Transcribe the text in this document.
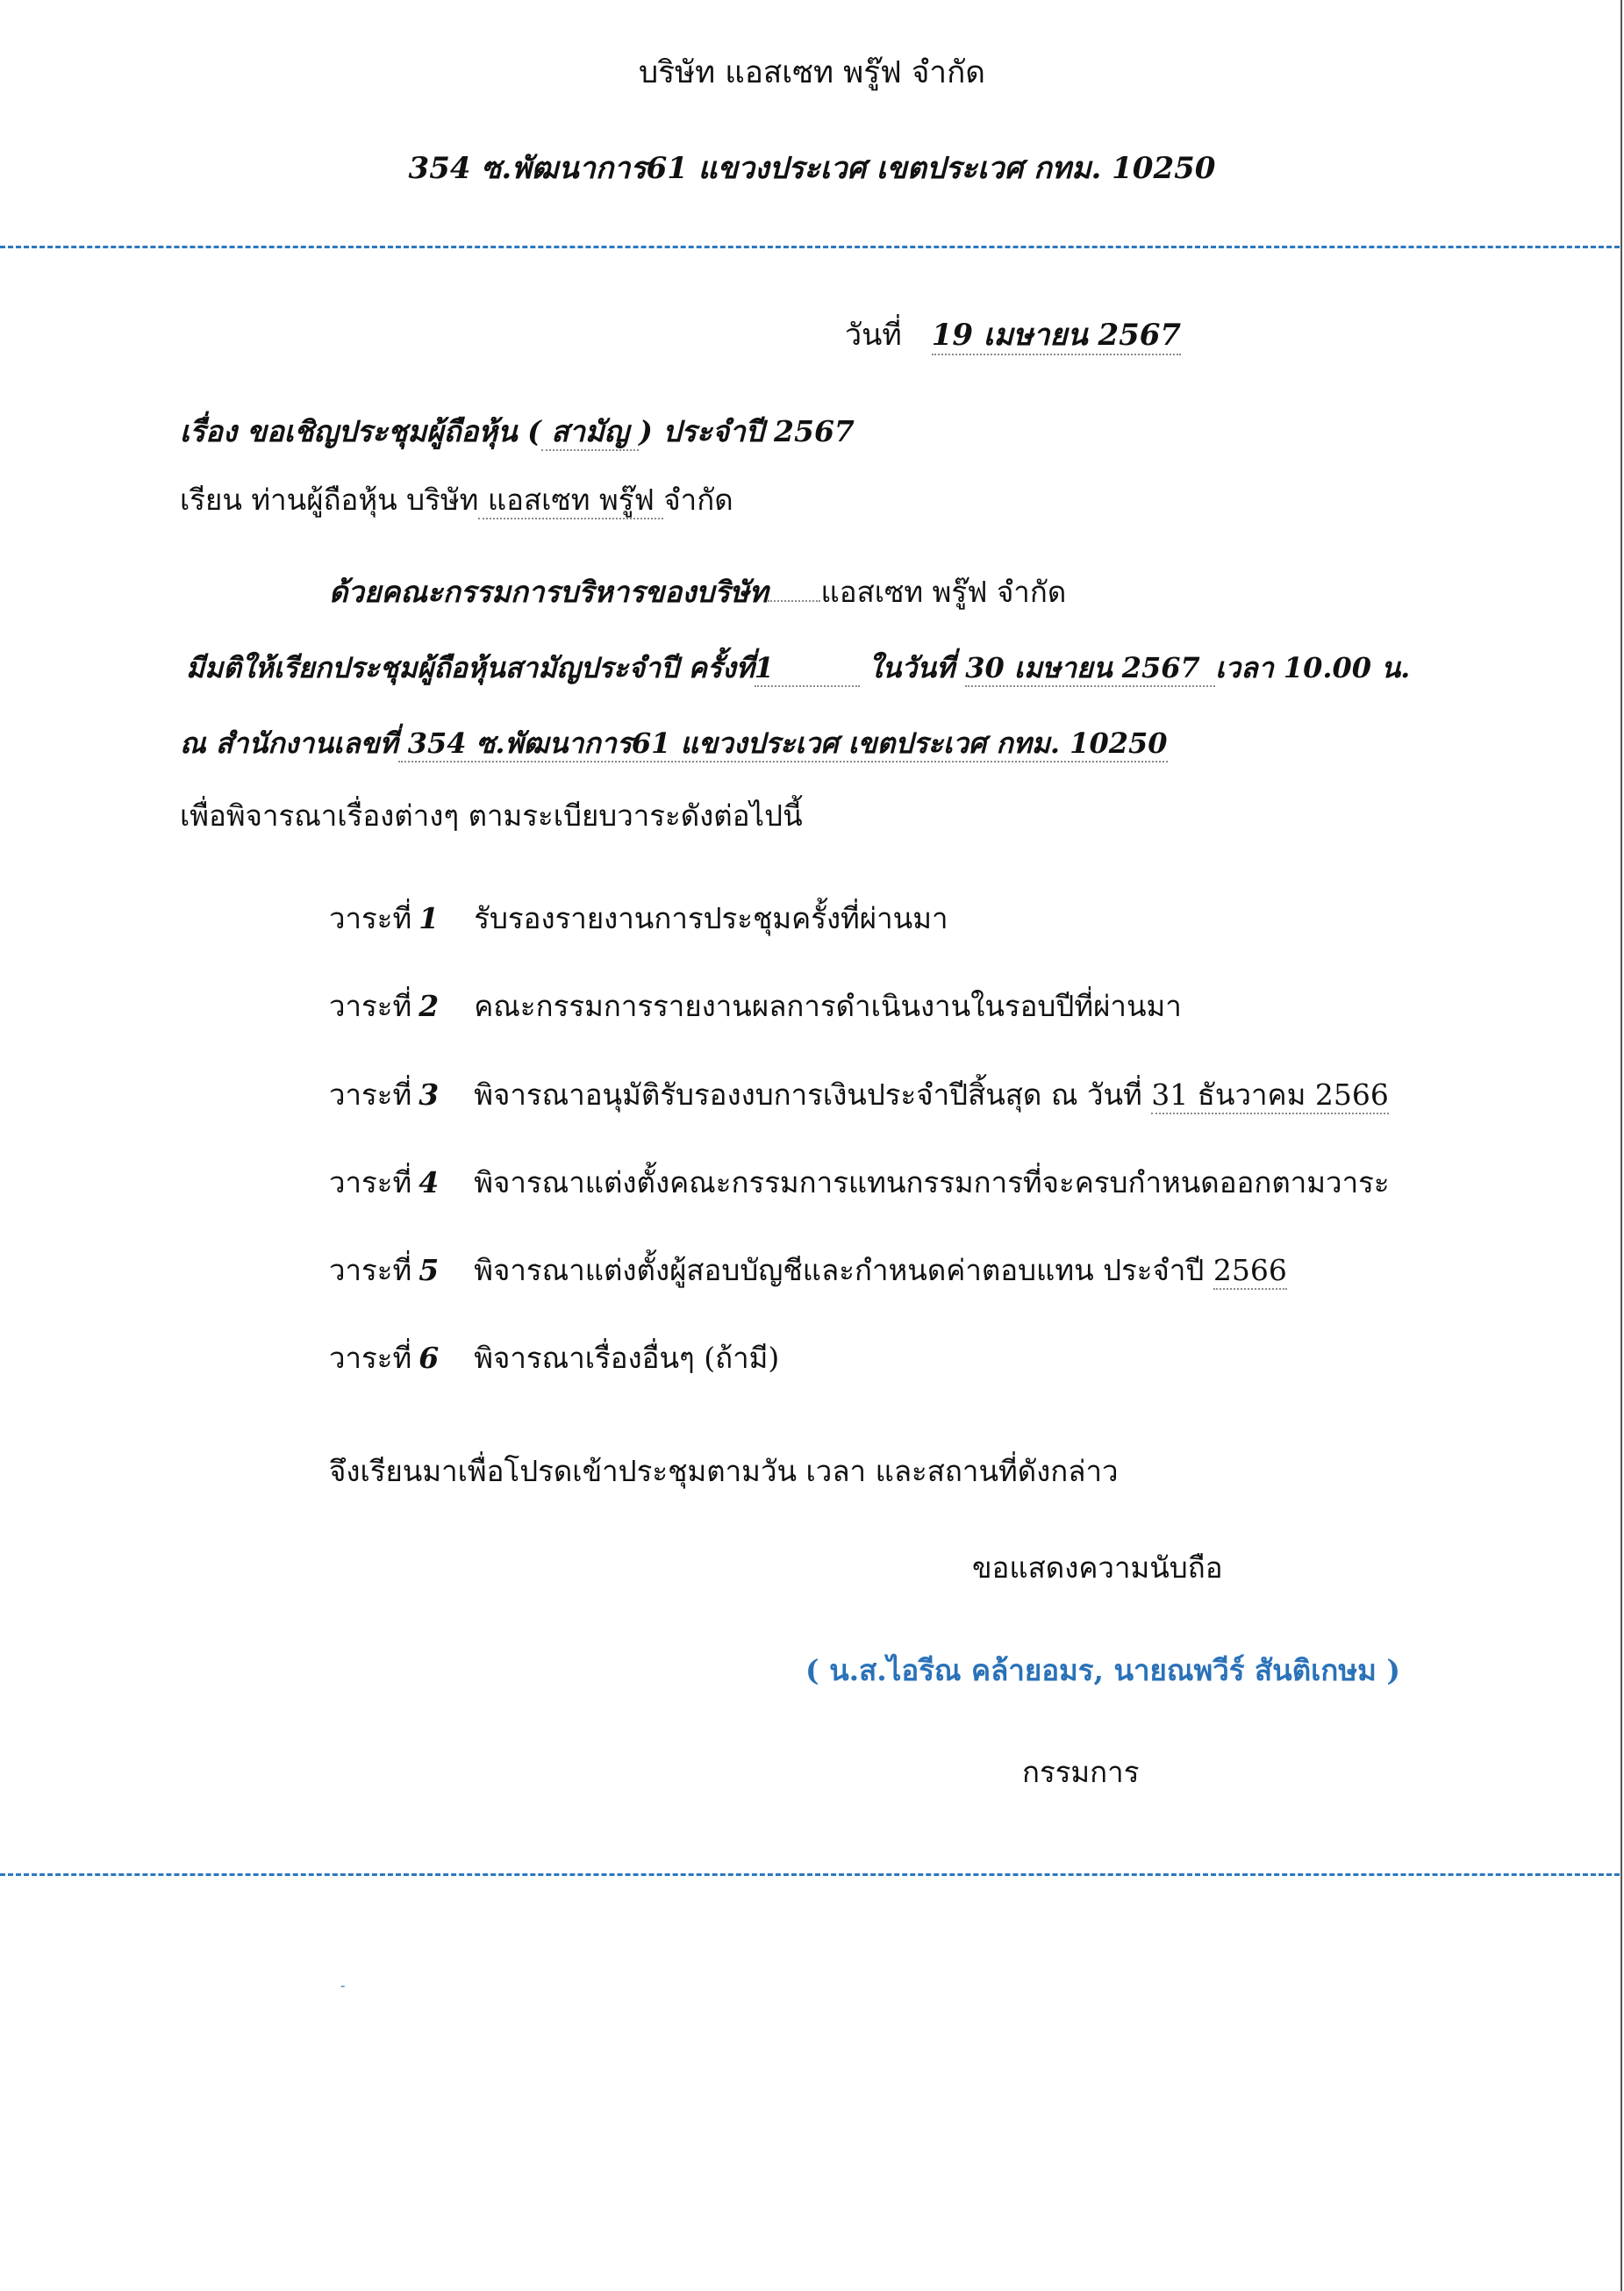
บริษัท แอสเซท พรู๊ฟ จำกัด
354 ซ.พัฒนาการ61 แขวงประเวศ เขตประเวศ กทม. 10250
วันที่ 19 เมษายน 2567
เรื่อง ขอเชิญประชุมผู้ถือหุ้น ( สามัญ ) ประจำปี 2567
เรียน ท่านผู้ถือหุ้น บริษัท แอสเซท พรู๊ฟ จำกัด
ด้วยคณะกรรมการบริหารของบริษัท แอสเซท พรู๊ฟ จำกัด
มีมติให้เรียกประชุมผู้ถือหุ้นสามัญประจำปี ครั้งที่1	ในวันที่30 เมษายน 2567เวลา 10.00 น.
ณ สำนักงานเลขที่ 354 ซ.พัฒนาการ61 แขวงประเวศ เขตประเวศ กทม. 10250
เพื่อพิจารณาเรื่องต่างๆ ตามระเบียบวาระดังต่อไปนี้
วาระที่ 1 รับรองรายงานการประชุมครั้งที่ผ่านมา
วาระที่ 2 คณะกรรมการรายงานผลการดำเนินงานในรอบปีที่ผ่านมา
วาระที่ 3 พิจารณาอนุมัติรับรองงบการเงินประจำปีสิ้นสุด ณ วันที่ 31 ธันวาคม 2566
วาระที่ 4 พิจารณาแต่งตั้งคณะกรรมการแทนกรรมการที่จะครบกำหนดออกตามวาระ
วาระที่ 5 พิจารณาแต่งตั้งผู้สอบบัญชีและกำหนดค่าตอบแทน ประจำปี 2566
วาระที่ 6 พิจารณาเรื่องอื่นๆ (ถ้ามี)
จึงเรียนมาเพื่อโปรดเข้าประชุมตามวัน เวลา และสถานที่ดังกล่าว
ขอแสดงความนับถือ
( น.ส.ไอรีณ คล้ายอมร, นายณพวีร์ สันติเกษม )
กรรมการ
-
